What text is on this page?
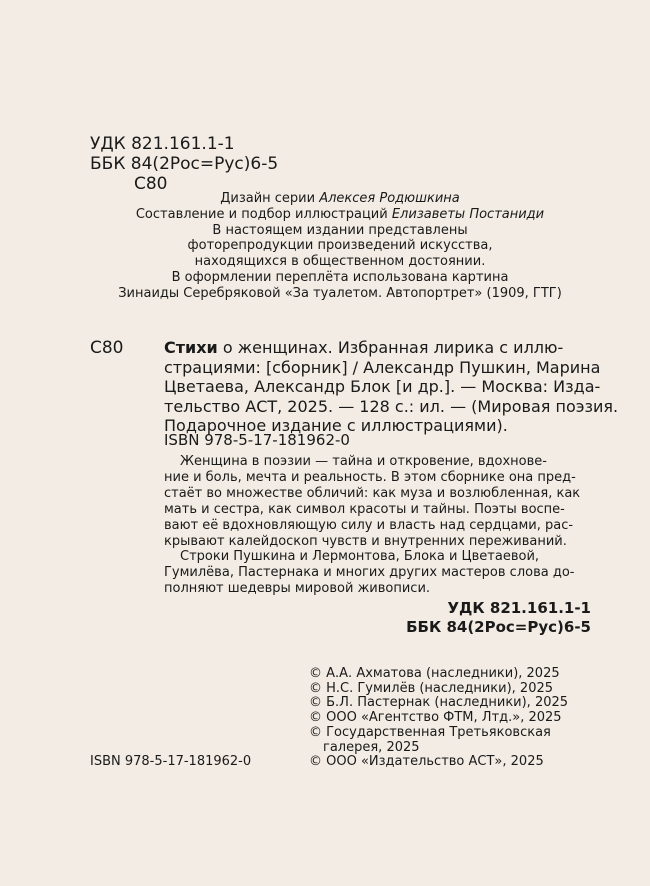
УДК 821.161.1-1
ББК 84(2Рос=Рус)6-5
С80
Дизайн серии Алексея Родюшкина
Составление и подбор иллюстраций Елизаветы Постаниди
В настоящем издании представлены
фоторепродукции произведений искусства,
находящихся в общественном достоянии.
В оформлении переплёта использована картина
Зинаиды Серебряковой «За туалетом. Автопортрет» (1909, ГТГ)
С80	Стихи о женщинах. Избранная лирика с иллю-
страциями: [сборник] / Александр Пушкин, Марина
Цветаева, Александр Блок [и др.]. — Москва: Изда-
тельство АСТ, 2025. — 128 с.: ил. — (Мировая поэзия.
Подарочное издание с иллюстрациями).
ISBN 978-5-17-181962-0
Женщина в поэзии — тайна и откровение, вдохнове-
ние и боль, мечта и реальность. В этом сборнике она пред-
стаёт во множестве обличий: как муза и возлюбленная, как
мать и сестра, как символ красоты и тайны. Поэты воспе-
вают её вдохновляющую силу и власть над сердцами, рас-
крывают калейдоскоп чувств и внутренних переживаний.
Строки Пушкина и Лермонтова, Блока и Цветаевой,
Гумилёва, Пастернака и многих других мастеров слова до-
полняют шедевры мировой живописи.
УДК 821.161.1-1
ББК 84(2Рос=Рус)6-5
© А.А. Ахматова (наследники), 2025
© Н.С. Гумилёв (наследники), 2025
© Б.Л. Пастернак (наследники), 2025
© ООО «Агентство ФТМ, Лтд.», 2025
© Государственная Третьяковская
галерея, 2025
© ООО «Издательство АСТ», 2025
ISBN 978-5-17-181962-0
